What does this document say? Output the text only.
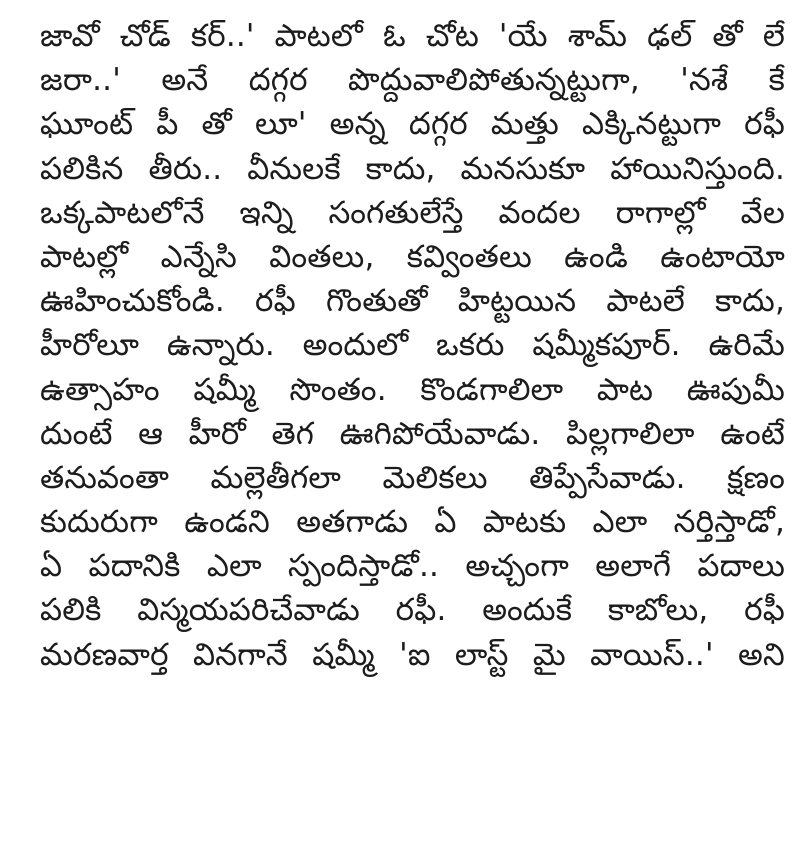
జావో చోడ్ కర్..' పాటలో ఓ చోట 'యే శామ్ ఢల్ తో లే
జరా..' అనే దగ్గర పొద్దువాలిపోతున్నట్టుగా, 'నశే కే
ఘూంట్ పీ తో లూ' అన్న దగ్గర మత్తు ఎక్కినట్టుగా రఫీ
పలికిన తీరు.. వీనులకే కాదు, మనసుకూ హాయినిస్తుంది.
ఒక్కపాటలోనే ఇన్ని సంగతులేస్తే వందల రాగాల్లో వేల
పాటల్లో ఎన్నేసి వింతలు, కవ్వింతలు ఉండి ఉంటాయో
ఊహించుకోండి. రఫీ గొంతుతో హిట్టయిన పాటలే కాదు,
హీరోలూ ఉన్నారు. అందులో ఒకరు షమ్మీకపూర్. ఉరిమే
ఉత్సాహం షమ్మీ సొంతం. కొండగాలిలా పాట ఊపుమీ
దుంటే ఆ హీరో తెగ ఊగిపోయేవాడు. పిల్లగాలిలా ఉంటే
తనువంతా మల్లెతీగలా మెలికలు తిప్పేసేవాడు. క్షణం
కుదురుగా ఉండని అతగాడు ఏ పాటకు ఎలా నర్తిస్తాడో,
ఏ పదానికి ఎలా స్పందిస్తాడో.. అచ్చంగా అలాగే పదాలు
పలికి విస్మయపరిచేవాడు రఫీ. అందుకే కాబోలు, రఫీ
మరణవార్త వినగానే షమ్మీ 'ఐ లాస్ట్ మై వాయిస్..' అని
